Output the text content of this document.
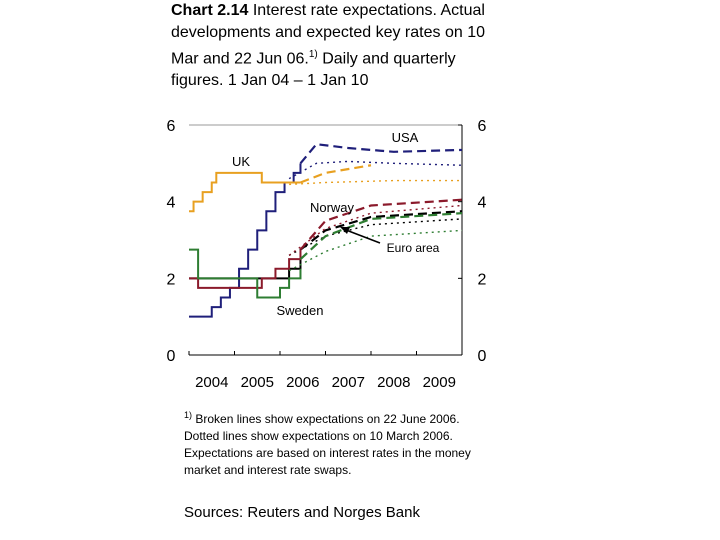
Chart 2.14 Interest rate expectations. Actual developments and expected key rates on 10 Mar and 22 Jun 06.$^{1)}$ Daily and quarterly figures. 1 Jan 04 – 1 Jan 10
0
2
4
6
0
2
4
6
2004 2005 2006 2007 2008 2009
USA
UK
Norway
Euro area
Sweden
$^{1)}$ Broken lines show expectations on 22 June 2006. Dotted lines show expectations on 10 March 2006. Expectations are based on interest rates in the money market and interest rate swaps.
Sources: Reuters and Norges Bank
